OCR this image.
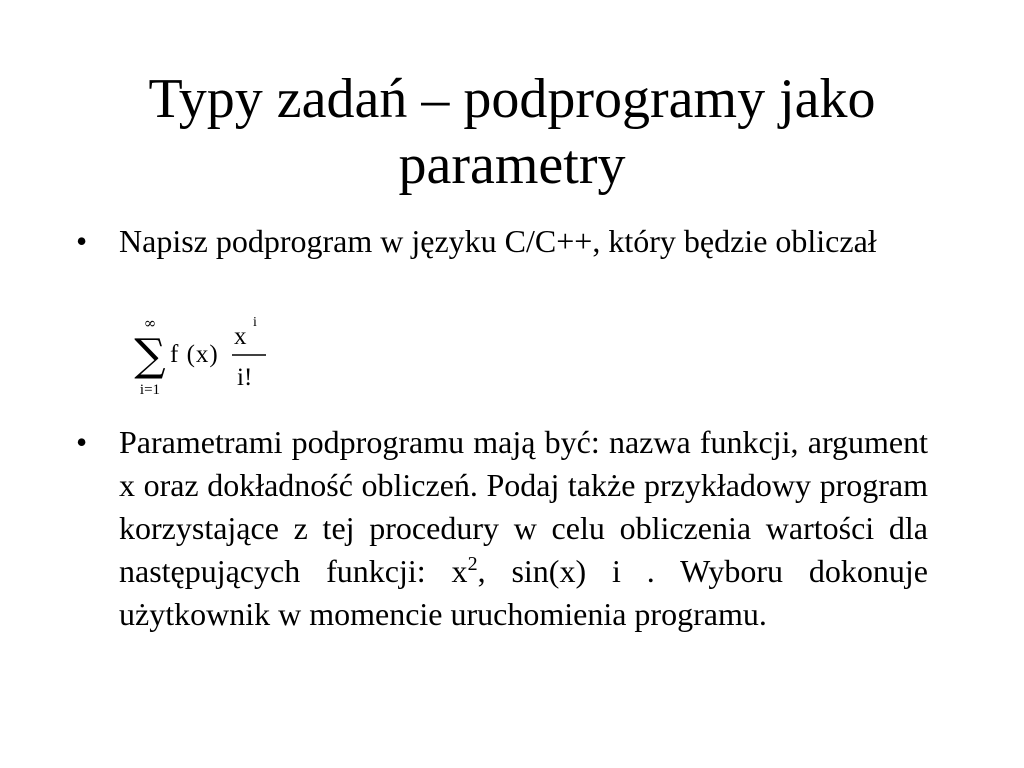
Typy zadań – podprogramy jako
parametry
• Napisz podprogram w języku C/C++, który będzie obliczał
∞
∑
i=1
f (x)
x
i
i!
• Parametrami podprogramu mają być: nazwa funkcji, argument x oraz dokładność obliczeń. Podaj także przykładowy program korzystające z tej procedury w celu obliczenia wartości dla następujących funkcji: $x^2$, sin(x) i . Wyboru dokonuje użytkownik w momencie uruchomienia programu.
